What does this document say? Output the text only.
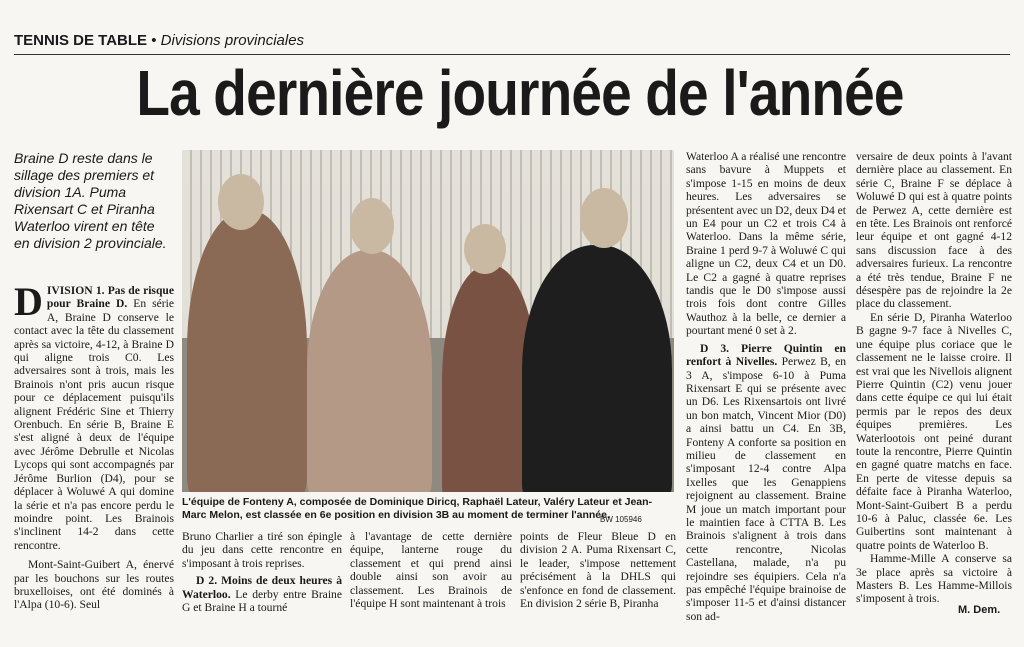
TENNIS DE TABLE • Divisions provinciales
La dernière journée de l'année
Braine D reste dans le sillage des premiers et division 1A. Puma Rixensart C et Piranha Waterloo virent en tête en division 2 provinciale.

DIVISION 1. Pas de risque pour Braine D. En série A, Braine D conserve le contact avec la tête du classement après sa victoire, 4-12, à Braine D qui aligne trois C0. Les adversaires sont à trois, mais les Brainois n'ont pris aucun risque pour ce déplacement puisqu'ils alignent Frédéric Sine et Thierry Orenbuch. En série B, Braine E s'est aligné à deux de l'équipe avec Jérôme Debrulle et Nicolas Lycops qui sont accompagnés par Jérôme Burlion (D4), pour se déplacer à Woluwé A qui domine la série et n'a pas encore perdu le moindre point. Les Brainois s'inclinent 14-2 dans cette rencontre.

Mont-Saint-Guibert A, énervé par les bouchons sur les routes bruxelloises, ont été dominés à l'Alpa (10-6). Seul

L'équipe de Fonteny A, composée de Dominique Diricq, Raphaël Lateur, Valéry Lateur et Jean-Marc Melon, est classée en 6e position en division 3B au moment de terminer l'année.
BW 105946

Bruno Charlier a tiré son épingle du jeu dans cette rencontre en s'imposant à trois reprises.

D 2. Moins de deux heures à Waterloo. Le derby entre Braine G et Braine H a tourné

à l'avantage de cette dernière équipe, lanterne rouge du classement et qui prend ainsi double ainsi son avoir au classement. Les Brainois de l'équipe H sont maintenant à trois

points de Fleur Bleue D en division 2 A. Puma Rixensart C, le leader, s'impose nettement précisément à la DHLS qui s'enfonce en fond de classement. En division 2 série B, Piranha

Waterloo A a réalisé une rencontre sans bavure à Muppets et s'impose 1-15 en moins de deux heures. Les adversaires se présentent avec un D2, deux D4 et un E4 pour un C2 et trois C4 à Waterloo. Dans la même série, Braine 1 perd 9-7 à Woluwé C qui aligne un C2, deux C4 et un D0. Le C2 a gagné à quatre reprises tandis que le D0 s'impose aussi trois fois dont contre Gilles Wauthoz à la belle, ce dernier a pourtant mené 0 set à 2.

D 3. Pierre Quintin en renfort à Nivelles. Perwez B, en 3 A, s'impose 6-10 à Puma Rixensart E qui se présente avec un D6. Les Rixensartois ont livré un bon match, Vincent Mior (D0) a ainsi battu un C4. En 3B, Fonteny A conforte sa position en milieu de classement en s'imposant 12-4 contre Alpa Ixelles que les Genappiens rejoignent au classement. Braine M joue un match important pour le maintien face à CTTA B. Les Brainois s'alignent à trois dans cette rencontre, Nicolas Castellana, malade, n'a pu rejoindre ses équipiers. Cela n'a pas empêché l'équipe brainoise de s'imposer 11-5 et d'ainsi distancer son ad-

versaire de deux points à l'avant dernière place au classement. En série C, Braine F se déplace à Woluwé D qui est à quatre points de Perwez A, cette dernière est en tête. Les Brainois ont renforcé leur équipe et ont gagné 4-12 sans discussion face à des adversaires furieux. La rencontre a été très tendue, Braine F ne désespère pas de rejoindre la 2e place du classement.

En série D, Piranha Waterloo B gagne 9-7 face à Nivelles C, une équipe plus coriace que le classement ne le laisse croire. Il est vrai que les Nivellois alignent Pierre Quintin (C2) venu jouer dans cette équipe ce qui lui était permis par le repos des deux équipes premières. Les Waterlootois ont peiné durant toute la rencontre, Pierre Quintin en gagné quatre matchs en face. En perte de vitesse depuis sa défaite face à Piranha Waterloo, Mont-Saint-Guibert B a perdu 10-6 à Paluc, classée 6e. Les Guibertins sont maintenant à quatre points de Waterloo B.

Hamme-Mille A conserve sa 3e place après sa victoire à Masters B. Les Hamme-Millois s'imposent à trois.

M. Dem.
